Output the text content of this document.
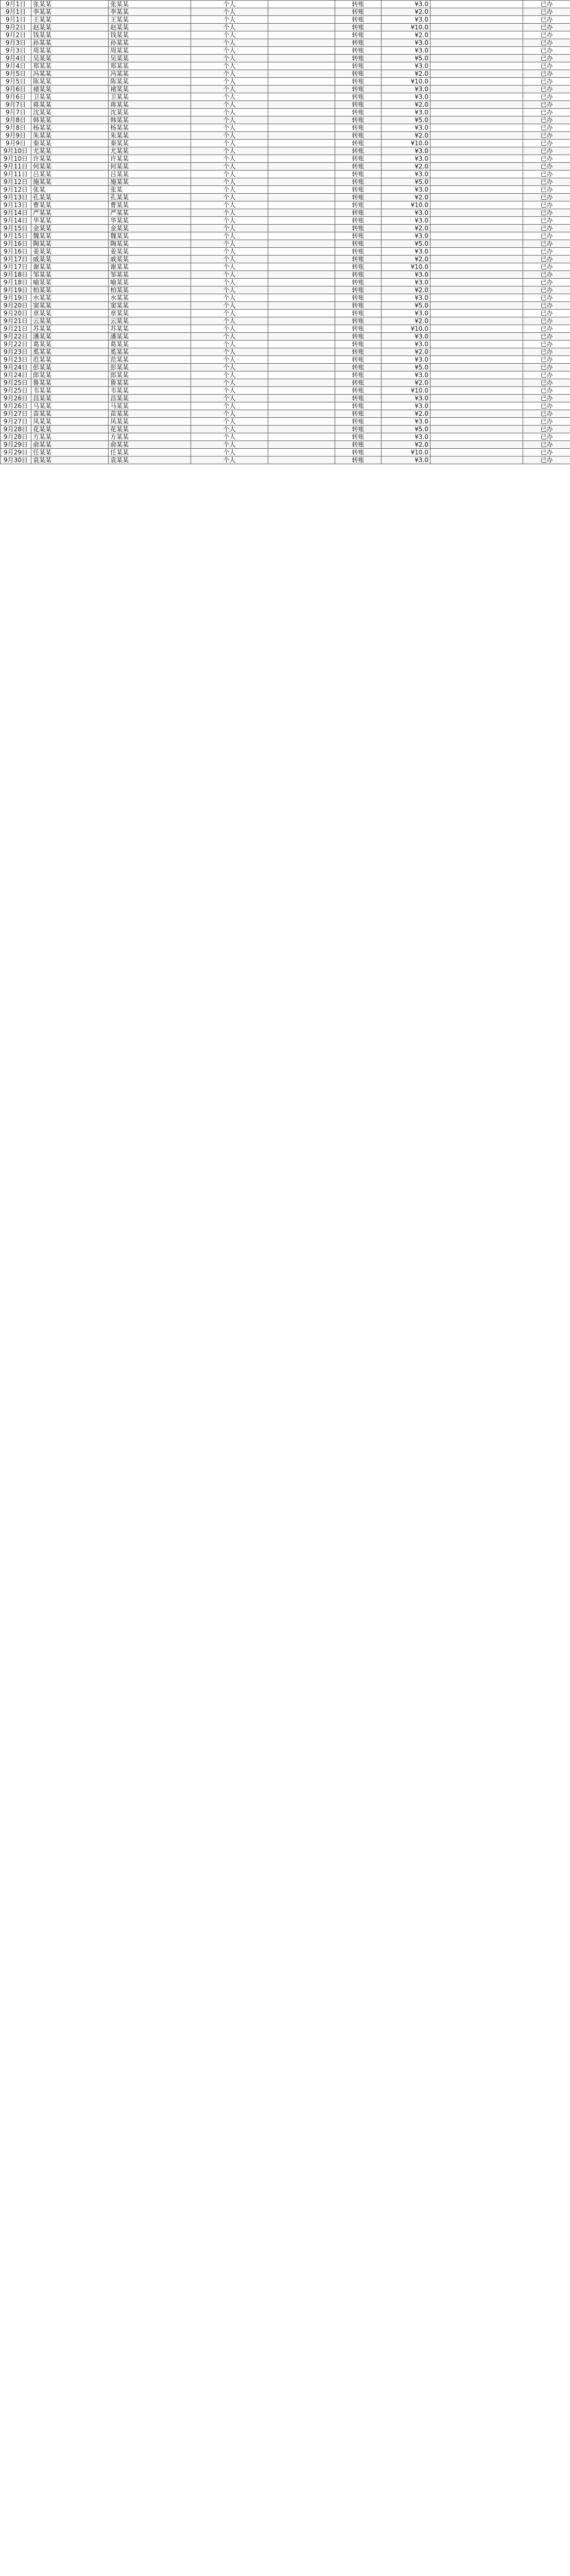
9月1日	张某某	张某某	个人		转账	¥3.0		已办
9月1日	李某某	李某某	个人		转账	¥2.0		已办
9月1日	王某某	王某某	个人		转账	¥3.0		已办
9月2日	赵某某	赵某某	个人		转账	¥10.0		已办
9月2日	钱某某	钱某某	个人		转账	¥2.0		已办
9月3日	孙某某	孙某某	个人		转账	¥3.0		已办
9月3日	周某某	周某某	个人		转账	¥3.0		已办
9月4日	吴某某	吴某某	个人		转账	¥5.0		已办
9月4日	郑某某	郑某某	个人		转账	¥3.0		已办
9月5日	冯某某	冯某某	个人		转账	¥2.0		已办
9月5日	陈某某	陈某某	个人		转账	¥10.0		已办
9月6日	褚某某	褚某某	个人		转账	¥3.0		已办
9月6日	卫某某	卫某某	个人		转账	¥3.0		已办
9月7日	蒋某某	蒋某某	个人		转账	¥2.0		已办
9月7日	沈某某	沈某某	个人		转账	¥3.0		已办
9月8日	韩某某	韩某某	个人		转账	¥5.0		已办
9月8日	杨某某	杨某某	个人		转账	¥3.0		已办
9月9日	朱某某	朱某某	个人		转账	¥2.0		已办
9月9日	秦某某	秦某某	个人		转账	¥10.0		已办
9月10日	尤某某	尤某某	个人		转账	¥3.0		已办
9月10日	许某某	许某某	个人		转账	¥3.0		已办
9月11日	何某某	何某某	个人		转账	¥2.0		已办
9月11日	吕某某	吕某某	个人		转账	¥3.0		已办
9月12日	施某某	施某某	个人		转账	¥5.0		已办
9月12日	张某	张某	个人		转账	¥3.0		已办
9月13日	孔某某	孔某某	个人		转账	¥2.0		已办
9月13日	曹某某	曹某某	个人		转账	¥10.0		已办
9月14日	严某某	严某某	个人		转账	¥3.0		已办
9月14日	华某某	华某某	个人		转账	¥3.0		已办
9月15日	金某某	金某某	个人		转账	¥2.0		已办
9月15日	魏某某	魏某某	个人		转账	¥3.0		已办
9月16日	陶某某	陶某某	个人		转账	¥5.0		已办
9月16日	姜某某	姜某某	个人		转账	¥3.0		已办
9月17日	戚某某	戚某某	个人		转账	¥2.0		已办
9月17日	谢某某	谢某某	个人		转账	¥10.0		已办
9月18日	邹某某	邹某某	个人		转账	¥3.0		已办
9月18日	喻某某	喻某某	个人		转账	¥3.0		已办
9月19日	柏某某	柏某某	个人		转账	¥2.0		已办
9月19日	水某某	水某某	个人		转账	¥3.0		已办
9月20日	窦某某	窦某某	个人		转账	¥5.0		已办
9月20日	章某某	章某某	个人		转账	¥3.0		已办
9月21日	云某某	云某某	个人		转账	¥2.0		已办
9月21日	苏某某	苏某某	个人		转账	¥10.0		已办
9月22日	潘某某	潘某某	个人		转账	¥3.0		已办
9月22日	葛某某	葛某某	个人		转账	¥3.0		已办
9月23日	奚某某	奚某某	个人		转账	¥2.0		已办
9月23日	范某某	范某某	个人		转账	¥3.0		已办
9月24日	彭某某	彭某某	个人		转账	¥5.0		已办
9月24日	郎某某	郎某某	个人		转账	¥3.0		已办
9月25日	鲁某某	鲁某某	个人		转账	¥2.0		已办
9月25日	韦某某	韦某某	个人		转账	¥10.0		已办
9月26日	昌某某	昌某某	个人		转账	¥3.0		已办
9月26日	马某某	马某某	个人		转账	¥3.0		已办
9月27日	苗某某	苗某某	个人		转账	¥2.0		已办
9月27日	凤某某	凤某某	个人		转账	¥3.0		已办
9月28日	花某某	花某某	个人		转账	¥5.0		已办
9月28日	方某某	方某某	个人		转账	¥3.0		已办
9月29日	俞某某	俞某某	个人		转账	¥2.0		已办
9月29日	任某某	任某某	个人		转账	¥10.0		已办
9月30日	袁某某	袁某某	个人		转账	¥3.0		已办
